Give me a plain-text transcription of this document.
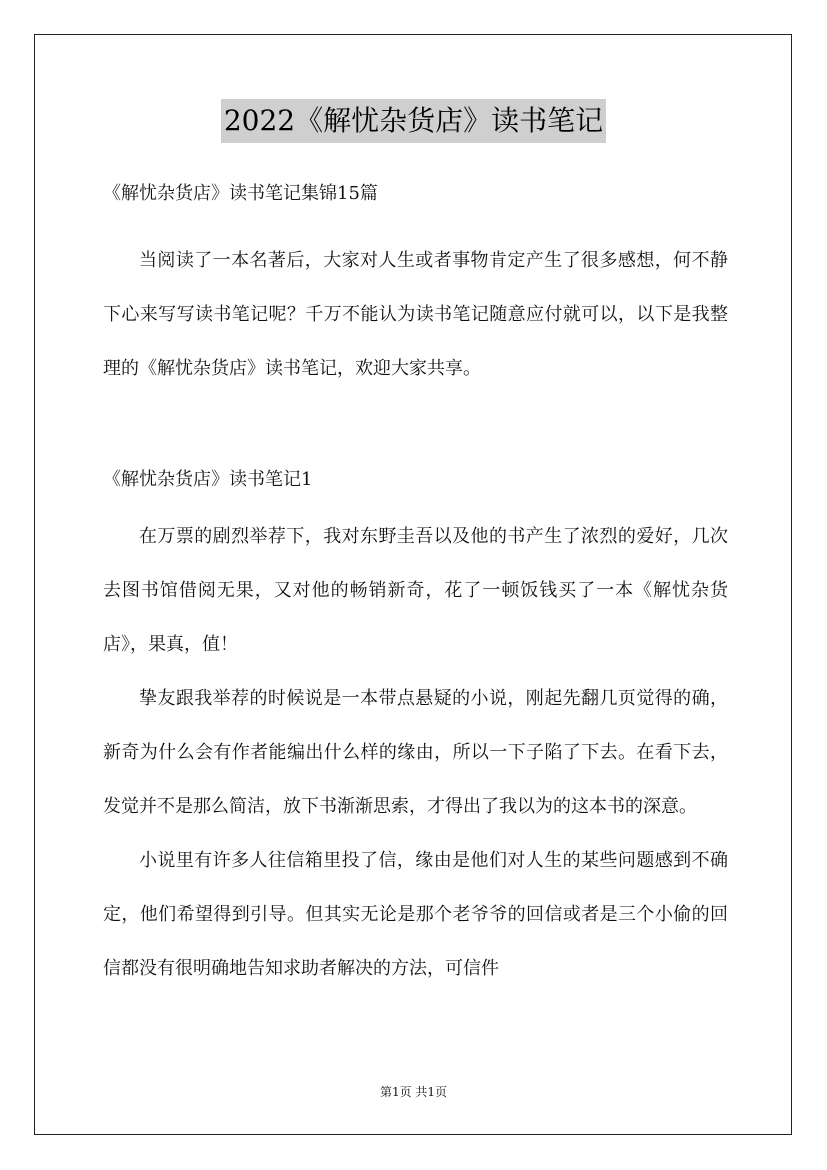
2022《解忧杂货店》读书笔记

《解忧杂货店》读书笔记集锦15篇

当阅读了一本名著后，大家对人生或者事物肯定产生了很多感想，何不静下心来写写读书笔记呢？千万不能认为读书笔记随意应付就可以，以下是我整理的《解忧杂货店》读书笔记，欢迎大家共享。

《解忧杂货店》读书笔记1

在万票的剧烈举荐下，我对东野圭吾以及他的书产生了浓烈的爱好，几次去图书馆借阅无果，又对他的畅销新奇，花了一顿饭钱买了一本《解忧杂货店》，果真，值！

挚友跟我举荐的时候说是一本带点悬疑的小说，刚起先翻几页觉得的确，新奇为什么会有作者能编出什么样的缘由，所以一下子陷了下去。在看下去，发觉并不是那么简洁，放下书渐渐思索，才得出了我以为的这本书的深意。

小说里有许多人往信箱里投了信，缘由是他们对人生的某些问题感到不确定，他们希望得到引导。但其实无论是那个老爷爷的回信或者是三个小偷的回信都没有很明确地告知求助者解决的方法，可信件

第1页 共1页
